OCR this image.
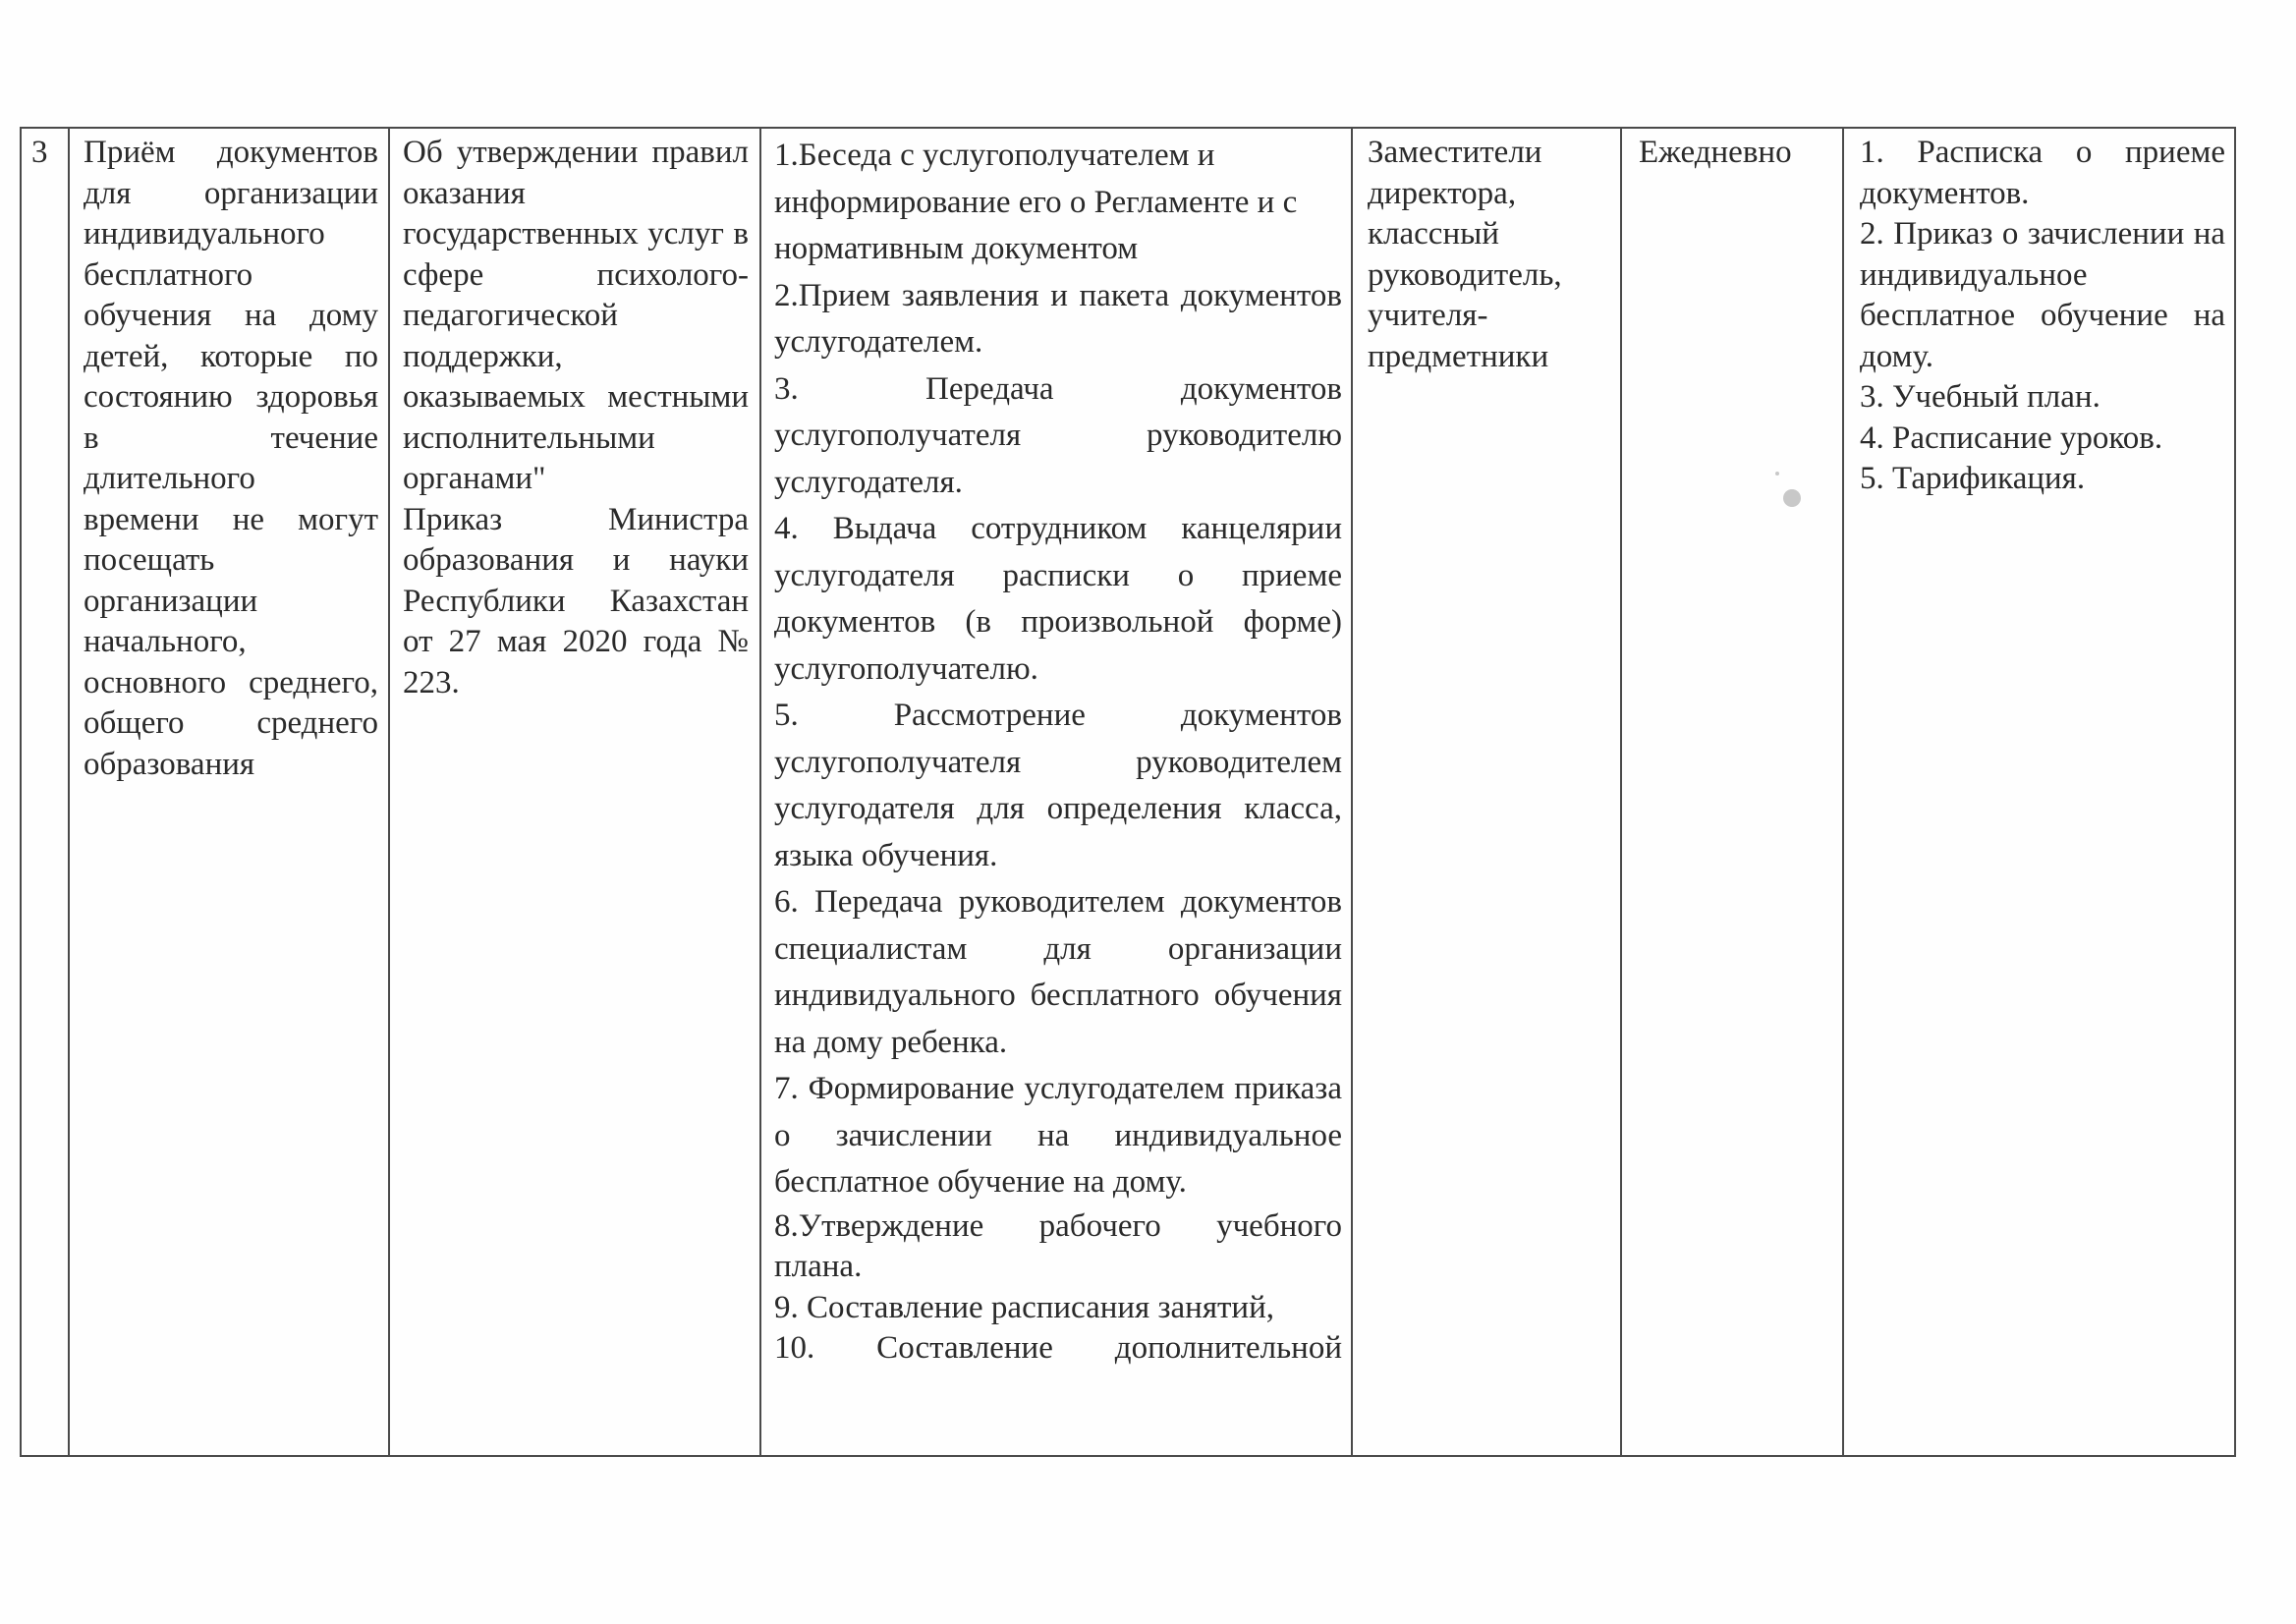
3	Приём документов для организации индивидуального бесплатного обучения на дому детей, которые по состоянию здоровья в течение длительного времени не могут посещать организации начального, основного среднего, общего среднего образования

Об утверждении правил оказания государственных услуг в сфере психолого-педагогической поддержки, оказываемых местными исполнительными органами"

Приказ Министра образования и науки Республики Казахстан от 27 мая 2020 года № 223.

1.Беседа с услугополучателем и информирование его о Регламенте и с нормативным документом

2.Прием заявления и пакета документов услугодателем.

3. Передача документов услугополучателя руководителю услугодателя.

4. Выдача сотрудником канцелярии услугодателя расписки о приеме документов (в произвольной форме) услугополучателю.

5. Рассмотрение документов услугополучателя руководителем услугодателя для определения класса, языка обучения.

6. Передача руководителем документов специалистам для организации индивидуального бесплатного обучения на дому ребенка.

7. Формирование услугодателем приказа о зачислении на индивидуальное бесплатное обучение на дому.

8.Утверждение рабочего учебного плана.

9. Составление расписания занятий,

10. Составление дополнительной

Заместители директора, классный руководитель, учителя-предметники

Ежедневно	1. Расписка о приеме документов.

2. Приказ о зачислении на индивидуальное бесплатное обучение на дому.

3. Учебный план.

4. Расписание уроков.

5. Тарификация.
